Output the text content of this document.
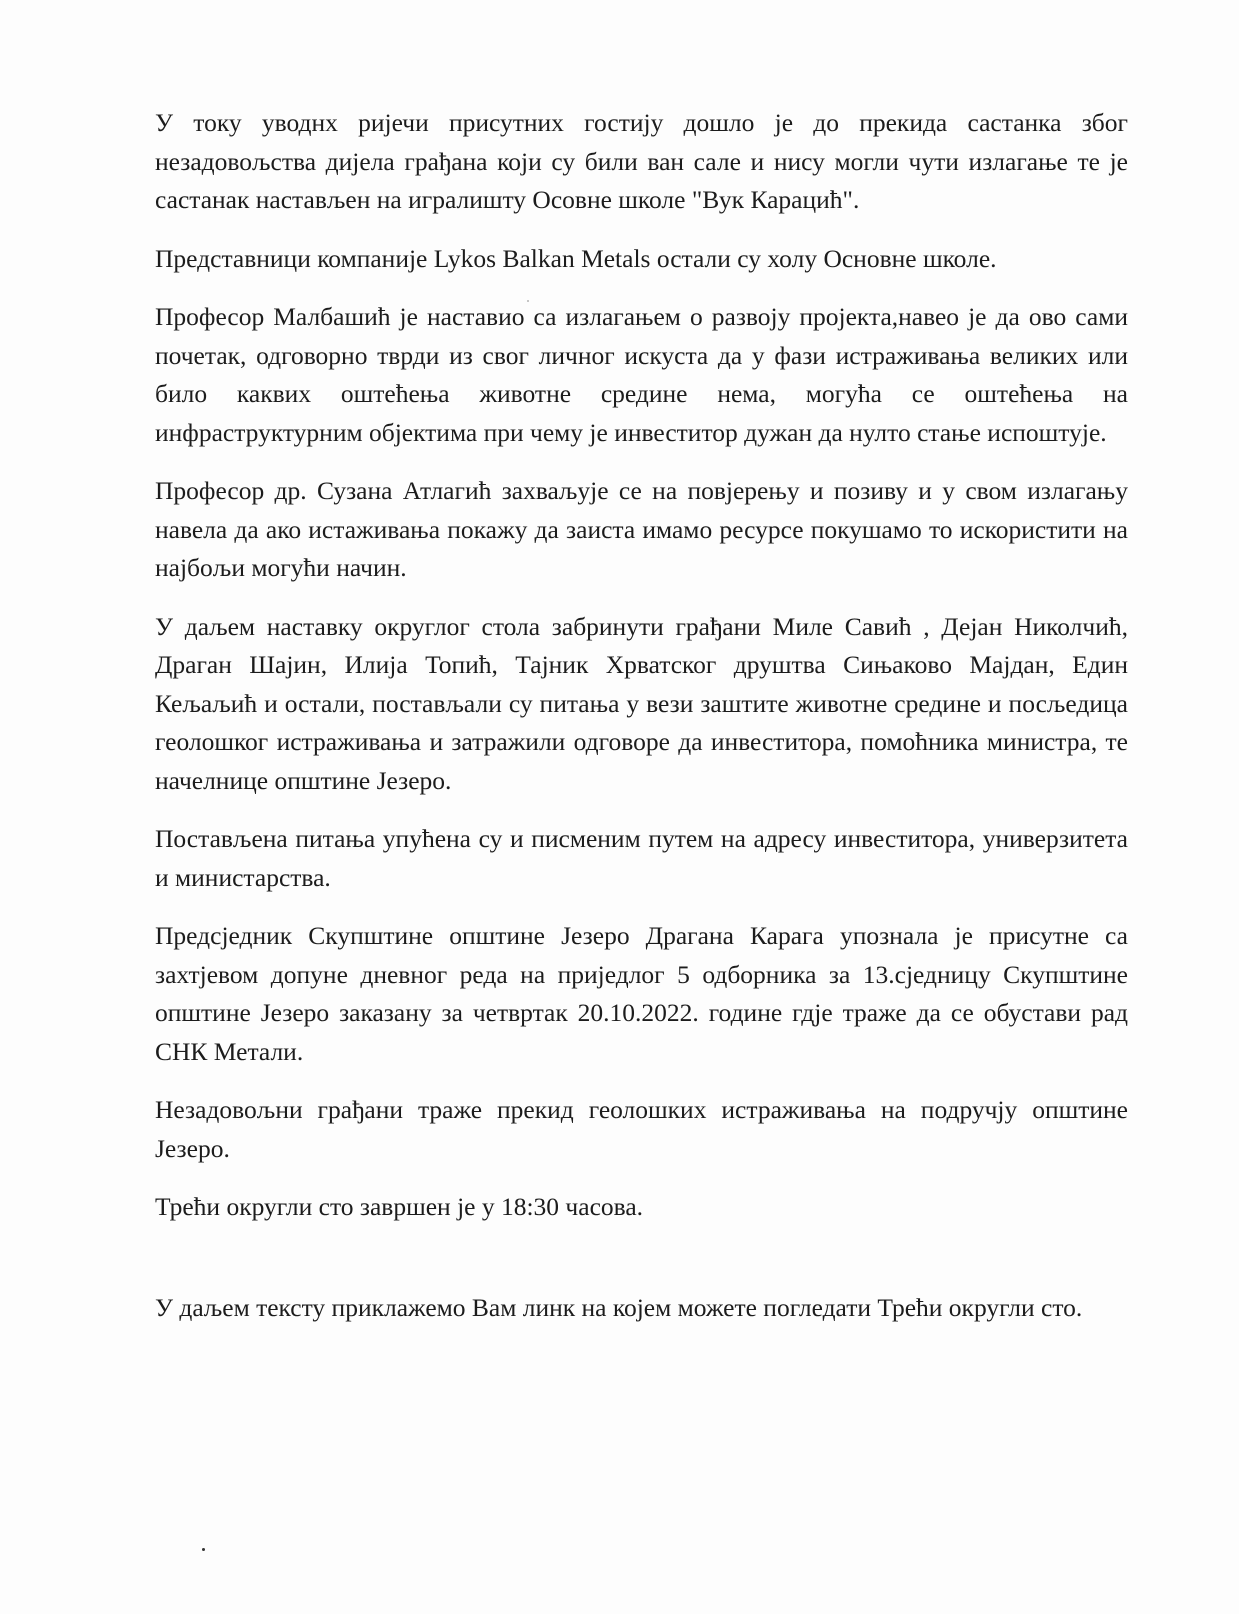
У току уводнх ријечи присутних гостију дошло је до прекида састанка због незадовољства дијела грађана који су били ван сале и нису могли чути излагање те је састанак настављен на игралишту Осовне школе "Вук Карацић".

Представници компаније Lykos Balkan Metals остали су холу Основне школе.

Професор Малбашић је наставио са излагањем о развоју пројекта,навео је да ово сами почетак, одговорно тврди из свог личног искуста да у фази истраживања великих или било каквих оштећења животне средине нема, могућа се оштећења на инфраструктурним објектима при чему је инвеститор дужан да нулто стање испоштује.

Професор др. Сузана Атлагић захваљује се на повјерењу и позиву и у свом излагању навела да ако истаживања покажу да заиста имамо ресурсе покушамо то искористити на најбољи могући начин.

У даљем наставку округлог стола забринути грађани Миле Савић , Дејан Николчић, Драган Шајин, Илија Топић, Тајник Хрватског друштва Сињаково Мајдан, Един Кељаљић и остали, постављали су питања у вези заштите животне средине и посљедица геолошког истраживања и затражили одговоре да инвеститора, помоћника министра, те начелнице општине Језеро.

Постављена питања упућена су и писменим путем на адресу инвеститора, универзитета и министарства.

Предсједник Скупштине општине Језеро Драгана Карага упознала је присутне са захтјевом допуне дневног реда на приједлог 5 одборника за 13.сједницу Скупштине општине Језеро заказану за четвртак 20.10.2022. године гдје траже да се обустави рад СНК Метали.

Незадовољни грађани траже прекид геолошких истраживања на подручју општине Језеро.

Трећи округли сто завршен је у 18:30 часова.

У даљем тексту приклажемо Вам линк на којем можете погледати Трећи округли сто.
